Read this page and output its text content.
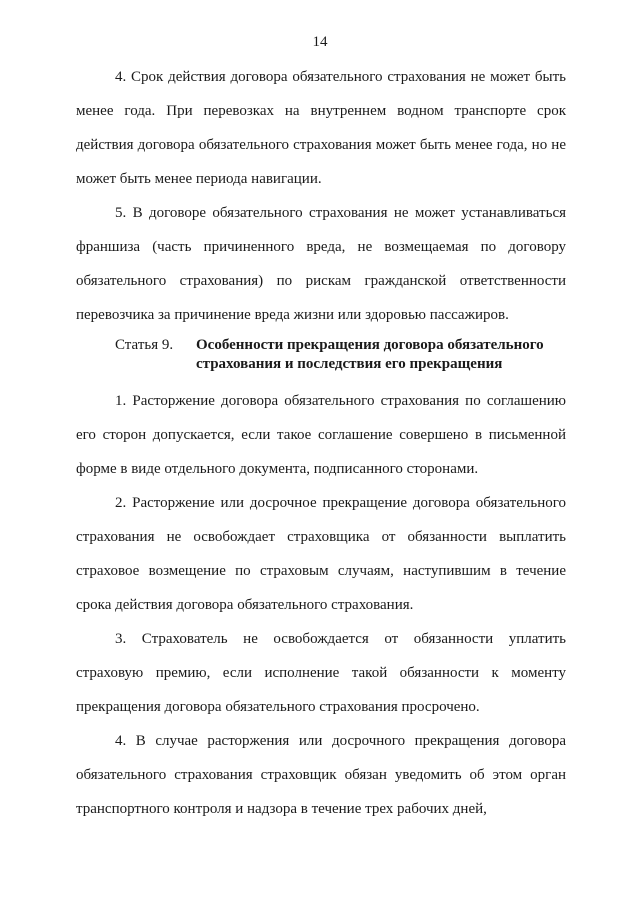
14

4. Срок действия договора обязательного страхования не может быть менее года. При перевозках на внутреннем водном транспорте срок действия договора обязательного страхования может быть менее года, но не может быть менее периода навигации.

5. В договоре обязательного страхования не может устанавливаться франшиза (часть причиненного вреда, не возмещаемая по договору обязательного страхования) по рискам гражданской ответственности перевозчика за причинение вреда жизни или здоровью пассажиров.

Статья 9.	Особенности прекращения договора обязательного
страхования и последствия его прекращения

1. Расторжение договора обязательного страхования по соглашению его сторон допускается, если такое соглашение совершено в письменной форме в виде отдельного документа, подписанного сторонами.

2. Расторжение или досрочное прекращение договора обязательного страхования не освобождает страховщика от обязанности выплатить страховое возмещение по страховым случаям, наступившим в течение срока действия договора обязательного страхования.

3. Страхователь не освобождается от обязанности уплатить страховую премию, если исполнение такой обязанности к моменту прекращения договора обязательного страхования просрочено.

4. В случае расторжения или досрочного прекращения договора обязательного страхования страховщик обязан уведомить об этом орган транспортного контроля и надзора в течение трех рабочих дней,
